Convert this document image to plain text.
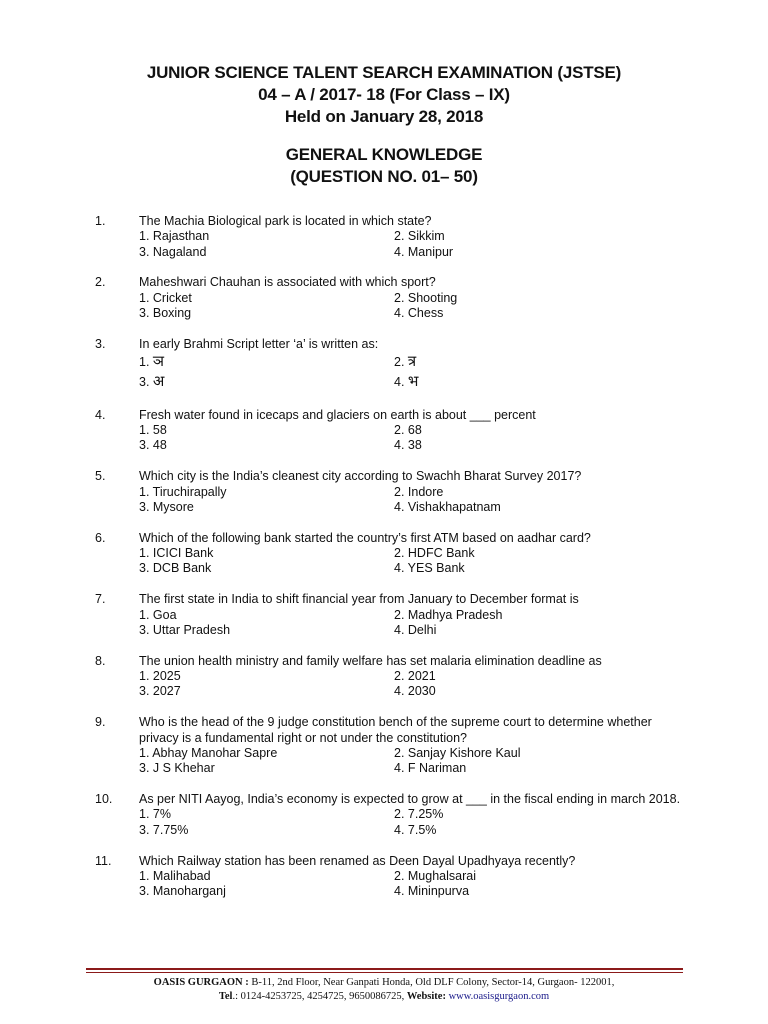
JUNIOR SCIENCE TALENT SEARCH EXAMINATION (JSTSE)
04 – A / 2017- 18 (For Class – IX)
Held on January 28, 2018
GENERAL KNOWLEDGE
(QUESTION NO. 01– 50)
1.	The Machia Biological park is located in which state?
1. Rajasthan	2. Sikkim
3. Nagaland	4. Manipur
2.	Maheshwari Chauhan is associated with which sport?
1. Cricket	2. Shooting
3. Boxing	4. Chess
3.	In early Brahmi Script letter ‘a’ is written as:
1. ञ	2. त्र
3. अ	4. भ
4.	Fresh water found in icecaps and glaciers on earth is about ___ percent
1. 58	2. 68
3. 48	4. 38
5.	Which city is the India’s cleanest city according to Swachh Bharat Survey 2017?
1. Tiruchirapally	2. Indore
3. Mysore	4. Vishakhapatnam
6.	Which of the following bank started the country’s first ATM based on aadhar card?
1. ICICI Bank	2. HDFC Bank
3. DCB Bank	4. YES Bank
7.	The first state in India to shift financial year from January to December format is
1. Goa	2. Madhya Pradesh
3. Uttar Pradesh	4. Delhi
8.	The union health ministry and family welfare has set malaria elimination deadline as
1. 2025	2. 2021
3. 2027	4. 2030
9.	Who is the head of the 9 judge constitution bench of the supreme court to determine whether privacy is a fundamental right or not under the constitution?
1. Abhay Manohar Sapre	2. Sanjay Kishore Kaul
3. J S Khehar	4. F Nariman
10.	As per NITI Aayog, India’s economy is expected to grow at ___ in the fiscal ending in march 2018.
1. 7%	2. 7.25%
3. 7.75%	4. 7.5%
11.	Which Railway station has been renamed as Deen Dayal Upadhyaya recently?
1. Malihabad	2. Mughalsarai
3. Manoharganj	4. Mininpurva
OASIS GURGAON : B-11, 2nd Floor, Near Ganpati Honda, Old DLF Colony, Sector-14, Gurgaon- 122001,
Tel.: 0124-4253725, 4254725, 9650086725, Website: www.oasisgurgaon.com
